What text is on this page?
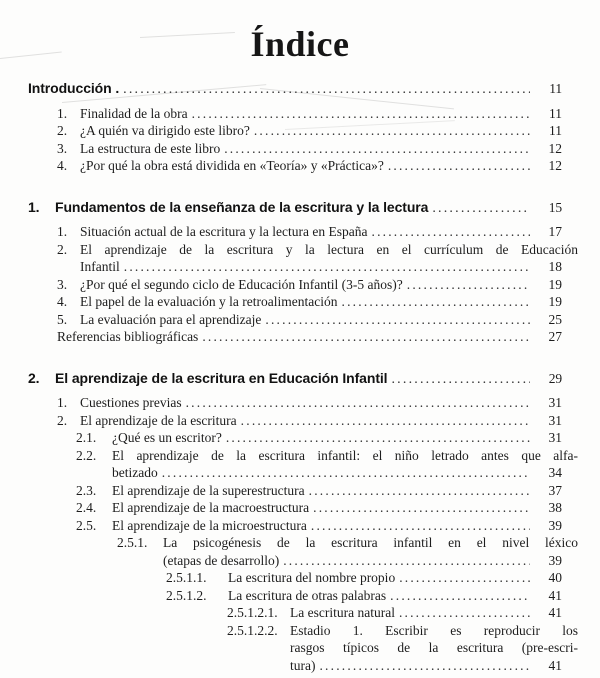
Índice
Introducción . .....	11
1. Finalidad de la obra .....	11
2. ¿A quién va dirigido este libro? .....	11
3. La estructura de este libro .....	12
4. ¿Por qué la obra está dividida en «Teoría» y «Práctica»? .....	12
1.	Fundamentos de la enseñanza de la escritura y la lectura .....	15
1. Situación actual de la escritura y la lectura en España .....	17
2. El aprendizaje de la escritura y la lectura en el currículum de Educación
Infantil .....	18
3. ¿Por qué el segundo ciclo de Educación Infantil (3-5 años)? .....	19
4. El papel de la evaluación y la retroalimentación .....	19
5. La evaluación para el aprendizaje .....	25
Referencias bibliográficas .....	27
2.	El aprendizaje de la escritura en Educación Infantil .....	29
1. Cuestiones previas .....	31
2. El aprendizaje de la escritura .....	31
2.1.	¿Qué es un escritor? .....	31
2.2.	El aprendizaje de la escritura infantil: el niño letrado antes que alfa-
betizado .....	34
2.3.	El aprendizaje de la superestructura .....	37
2.4.	El aprendizaje de la macroestructura .....	38
2.5.	El aprendizaje de la microestructura .....	39
2.5.1.	La psicogénesis de la escritura infantil en el nivel léxico
(etapas de desarrollo) .....	39
2.5.1.1.	La escritura del nombre propio .....	40
2.5.1.2.	La escritura de otras palabras .....	41
2.5.1.2.1. La escritura natural .....	41
2.5.1.2.2. Estadio 1. Escribir es reproducir los
rasgos típicos de la escritura (pre-escri-
tura) .....	41
